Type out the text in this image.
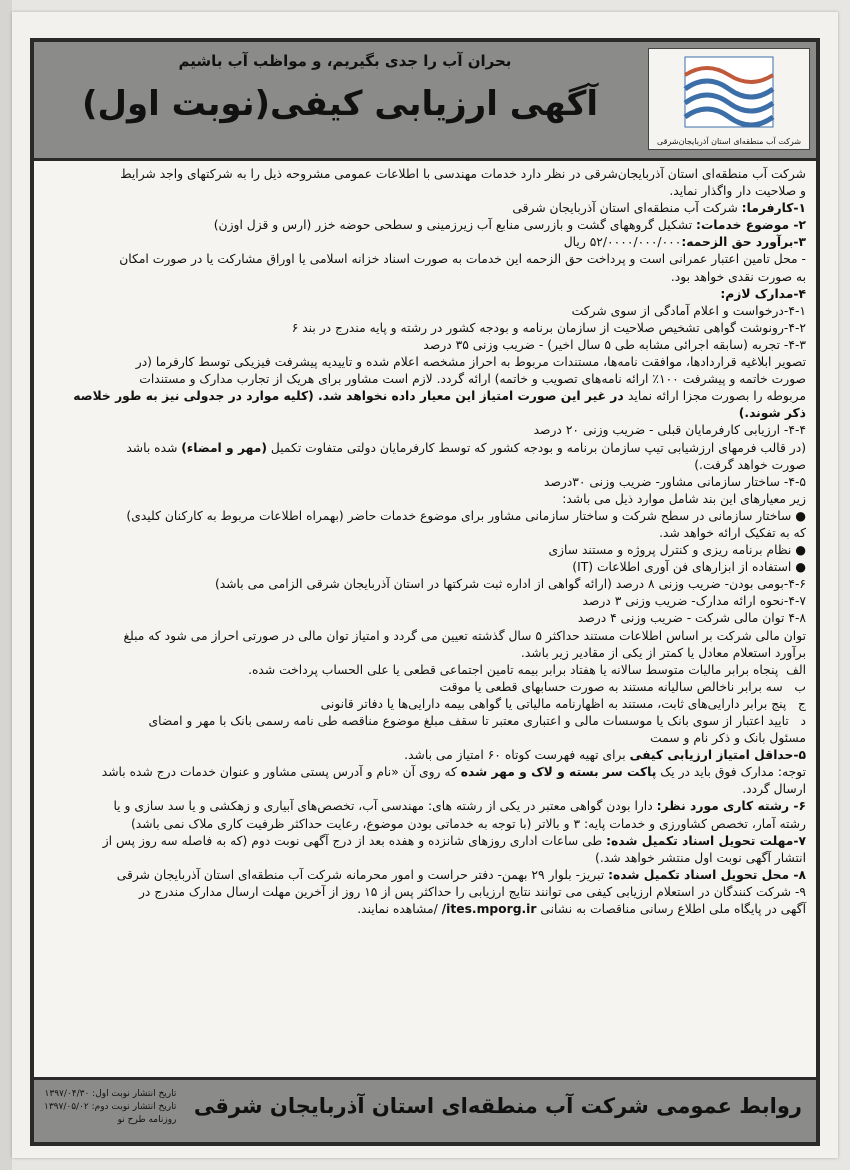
شرکت آب منطقه‌ای استان آذربایجان‌شرقی
بحران آب را جدی بگیریم، و مواظب آب باشیم
آگهی ارزیابی کیفی(نوبت اول)

شرکت آب منطقه‌ای استان آذربایجان‌شرقی در نظر دارد خدمات مهندسی با اطلاعات عمومی مشروحه ذیل را به شرکتهای واجد شرایط

و صلاحیت دار واگذار نماید.

۱-کارفرما: شرکت آب منطقه‌ای استان آذربایجان شرقی

۲- موضوع خدمات: تشکیل گروههای گشت و بازرسی منابع آب زیرزمینی و سطحی حوضه خزر (ارس و قزل اوزن)

۳-برآورد حق الزحمه:۵۲/۰۰۰۰/۰۰۰/۰۰۰ ریال

- محل تامین اعتبار عمرانی است و پرداخت حق الزحمه این خدمات به صورت اسناد خزانه اسلامی یا اوراق مشارکت یا در صورت امکان

به صورت نقدی خواهد بود.

۴-مدارک لازم:

۴-۱-درخواست و اعلام آمادگی از سوی شرکت

۴-۲-رونوشت گواهی تشخیص صلاحیت از سازمان برنامه و بودجه کشور در رشته و پایه مندرج در بند ۶

۴-۳- تجربه (سابقه اجرائی مشابه طی ۵ سال اخیر) - ضریب وزنی ۳۵ درصد

تصویر ابلاغیه قراردادها، موافقت نامه‌ها، مستندات مربوط به احراز مشخصه اعلام شده و تاییدیه پیشرفت فیزیکی توسط کارفرما (در

صورت خاتمه و پیشرفت ۱۰۰٪ ارائه نامه‌های تصویب و خاتمه) ارائه گردد. لازم است مشاور برای هریک از تجارب مدارک و مستندات

مربوطه را بصورت مجزا ارائه نماید در غیر این صورت امتیاز این معیار داده نخواهد شد. (کلیه موارد در جدولی نیز به طور خلاصه

ذکر شوند.)

۴-۴- ارزیابی کارفرمایان قبلی - ضریب وزنی ۲۰ درصد

(در قالب فرمهای ارزشیابی تیپ سازمان برنامه و بودجه کشور که توسط کارفرمایان دولتی متفاوت تکمیل (مهر و امضاء) شده باشد

صورت خواهد گرفت.)

۴-۵- ساختار سازمانی مشاور- ضریب وزنی ۳۰درصد

زیر معیارهای این بند شامل موارد ذیل می باشد:

● ساختار سازمانی در سطح شرکت و ساختار سازمانی مشاور برای موضوع خدمات حاضر (بهمراه اطلاعات مربوط به کارکنان کلیدی)

که به تفکیک ارائه خواهد شد.

● نظام برنامه ریزی و کنترل پروژه و مستند سازی

● استفاده از ابزارهای فن آوری اطلاعات (IT)

۴-۶-بومی بودن- ضریب وزنی ۸ درصد (ارائه گواهی از اداره ثبت شرکتها در استان آذربایجان شرقی الزامی می باشد)

۴-۷-نحوه ارائه مدارک- ضریب وزنی ۳ درصد

۴-۸ توان مالی شرکت - ضریب وزنی ۴ درصد

توان مالی شرکت بر اساس اطلاعات مستند حداکثر ۵ سال گذشته تعیین می گردد و امتیاز توان مالی در صورتی احراز می شود که مبلغ

برآورد استعلام معادل یا کمتر از یکی از مقادیر زیر باشد.

الف  پنجاه برابر مالیات متوسط سالانه یا هفتاد برابر بیمه تامین اجتماعی قطعی یا علی الحساب پرداخت شده.

ب   سه برابر ناخالص سالیانه مستند به صورت حسابهای قطعی یا موقت

ج   پنج برابر دارایی‌های ثابت، مستند به اظهارنامه مالیاتی یا گواهی بیمه دارایی‌ها یا دفاتر قانونی

د   تایید اعتبار از سوی بانک یا موسسات مالی و اعتباری معتبر تا سقف مبلغ موضوع مناقصه طی نامه رسمی بانک با مهر و امضای

مسئول بانک و ذکر نام و سمت

۵-حداقل امتیاز ارزیابی کیفی برای تهیه فهرست کوتاه ۶۰ امتیاز می باشد.

توجه: مدارک فوق باید در یک پاکت سر بسته و لاک و مهر شده که روی آن «نام و آدرس پستی مشاور و عنوان خدمات درج شده باشد

ارسال گردد.

۶- رشته کاری مورد نظر: دارا بودن گواهی معتبر در یکی از رشته های: مهندسی آب، تخصص‌های آبیاری و زهکشی و یا سد سازی و یا

رشته آمار، تخصص کشاورزی و خدمات پایه: ۳ و بالاتر (با توجه به خدماتی بودن موضوع، رعایت حداکثر ظرفیت کاری ملاک نمی باشد)

۷-مهلت تحویل اسناد تکمیل شده: طی ساعات اداری روزهای شانزده و هفده بعد از درج آگهی نوبت دوم (که به فاصله سه روز پس از

انتشار آگهی نوبت اول منتشر خواهد شد.)

۸- محل تحویل اسناد تکمیل شده: تبریز- بلوار ۲۹ بهمن- دفتر حراست و امور محرمانه شرکت آب منطقه‌ای استان آذربایجان شرقی

۹- شرکت کنندگان در استعلام ارزیابی کیفی می توانند نتایج ارزیابی را حداکثر پس از ۱۵ روز از آخرین مهلت ارسال مدارک مندرج در

آگهی در پایگاه ملی اطلاع رسانی مناقصات به نشانی ites.mporg.ir/ /مشاهده نمایند.

روابط عمومی شرکت آب منطقه‌ای استان آذربایجان شرقی
تاریخ انتشار نوبت اول: ۱۳۹۷/۰۴/۳۰
تاریخ انتشار نوبت دوم: ۱۳۹۷/۰۵/۰۲
روزنامه طرح نو
